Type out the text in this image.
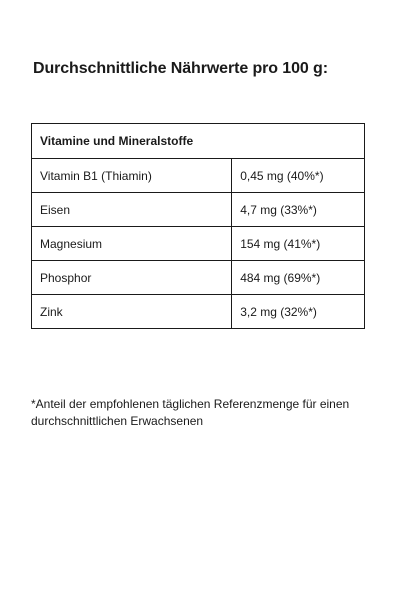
Durchschnittliche Nährwerte pro 100 g:
Vitamine und Mineralstoffe	
Vitamin B1 (Thiamin)	0,45 mg (40%*)
Eisen	4,7 mg (33%*)
Magnesium	154 mg (41%*)
Phosphor	484 mg (69%*)
Zink	3,2 mg (32%*)

*Anteil der empfohlenen täglichen Referenzmenge für einen durchschnittlichen Erwachsenen
